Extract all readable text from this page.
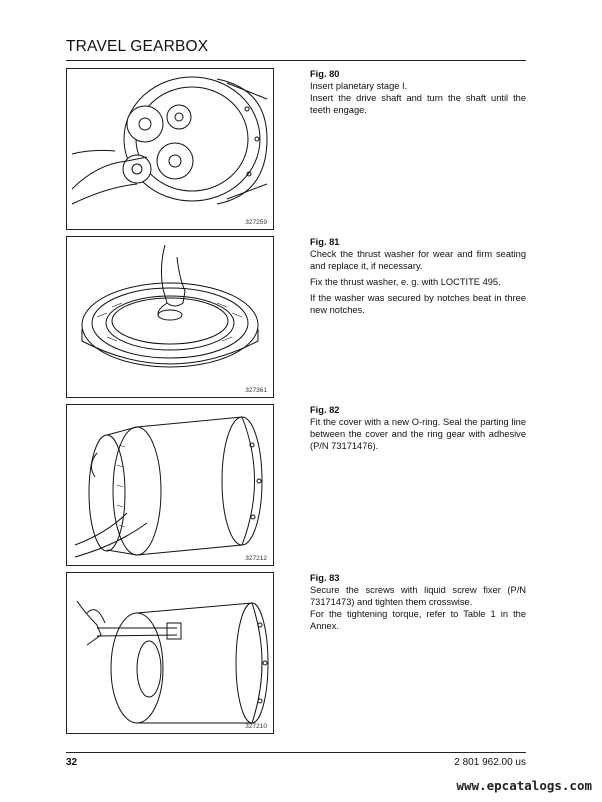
TRAVEL GEARBOX
327259
Fig. 80

Insert planetary stage I.

Insert the drive shaft and turn the shaft until the teeth engage.

327361
Fig. 81

Check the thrust washer for wear and firm seating and replace it, if necessary.

Fix the thrust washer, e. g. with LOCTITE 495.

If the washer was secured by notches beat in three new notches.

327212
Fig. 82

Fit the cover with a new O-ring. Seal the parting line between the cover and the ring gear with adhesive (P/N 73171476).

327210
Fig. 83

Secure the screws with liquid screw fixer (P/N 73171473) and tighten them crosswise.

For the tightening torque, refer to Table 1 in the Annex.

32	2 801 962.00 us
www.epcatalogs.com
